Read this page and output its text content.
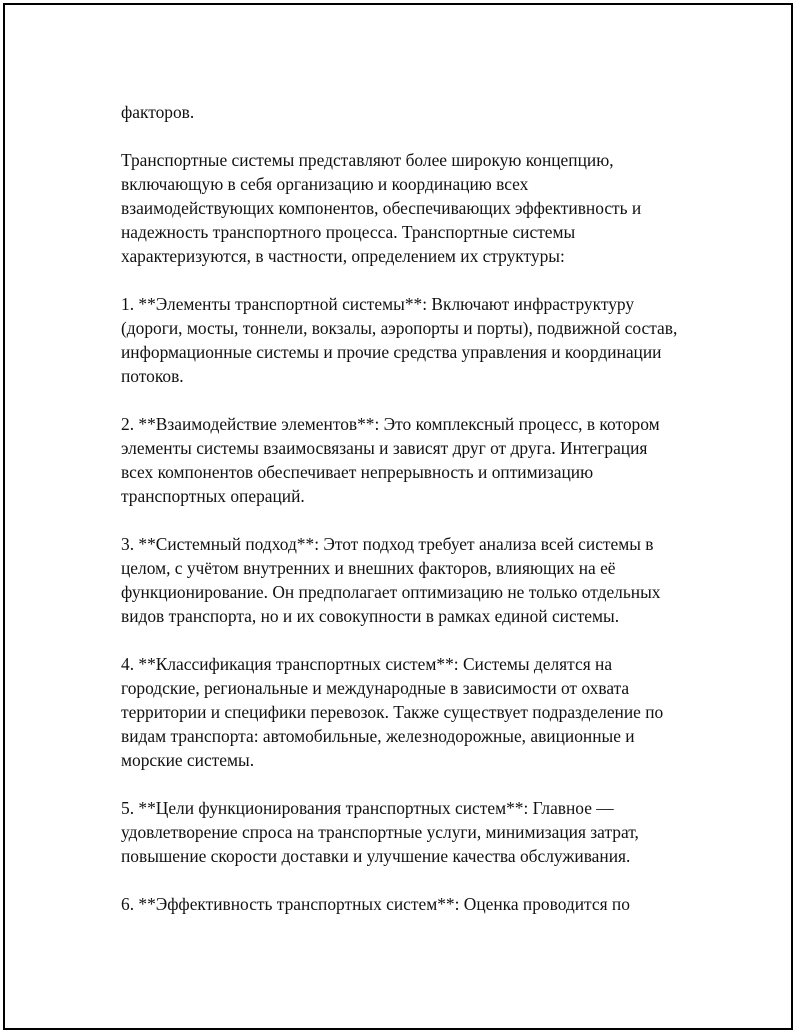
факторов.

Транспортные системы представляют более широкую концепцию, включающую в себя организацию и координацию всех взаимодействующих компонентов, обеспечивающих эффективность и надежность транспортного процесса. Транспортные системы характеризуются, в частности, определением их структуры:

1. **Элементы транспортной системы**: Включают инфраструктуру (дороги, мосты, тоннели, вокзалы, аэропорты и порты), подвижной состав, информационные системы и прочие средства управления и координации потоков.

2. **Взаимодействие элементов**: Это комплексный процесс, в котором элементы системы взаимосвязаны и зависят друг от друга. Интеграция всех компонентов обеспечивает непрерывность и оптимизацию транспортных операций.

3. **Системный подход**: Этот подход требует анализа всей системы в целом, с учётом внутренних и внешних факторов, влияющих на её функционирование. Он предполагает оптимизацию не только отдельных видов транспорта, но и их совокупности в рамках единой системы.

4. **Классификация транспортных систем**: Системы делятся на городские, региональные и международные в зависимости от охвата территории и специфики перевозок. Также существует подразделение по видам транспорта: автомобильные, железнодорожные, авиционные и морские системы.

5. **Цели функционирования транспортных систем**: Главное — удовлетворение спроса на транспортные услуги, минимизация затрат, повышение скорости доставки и улучшение качества обслуживания.

6. **Эффективность транспортных систем**: Оценка проводится по
